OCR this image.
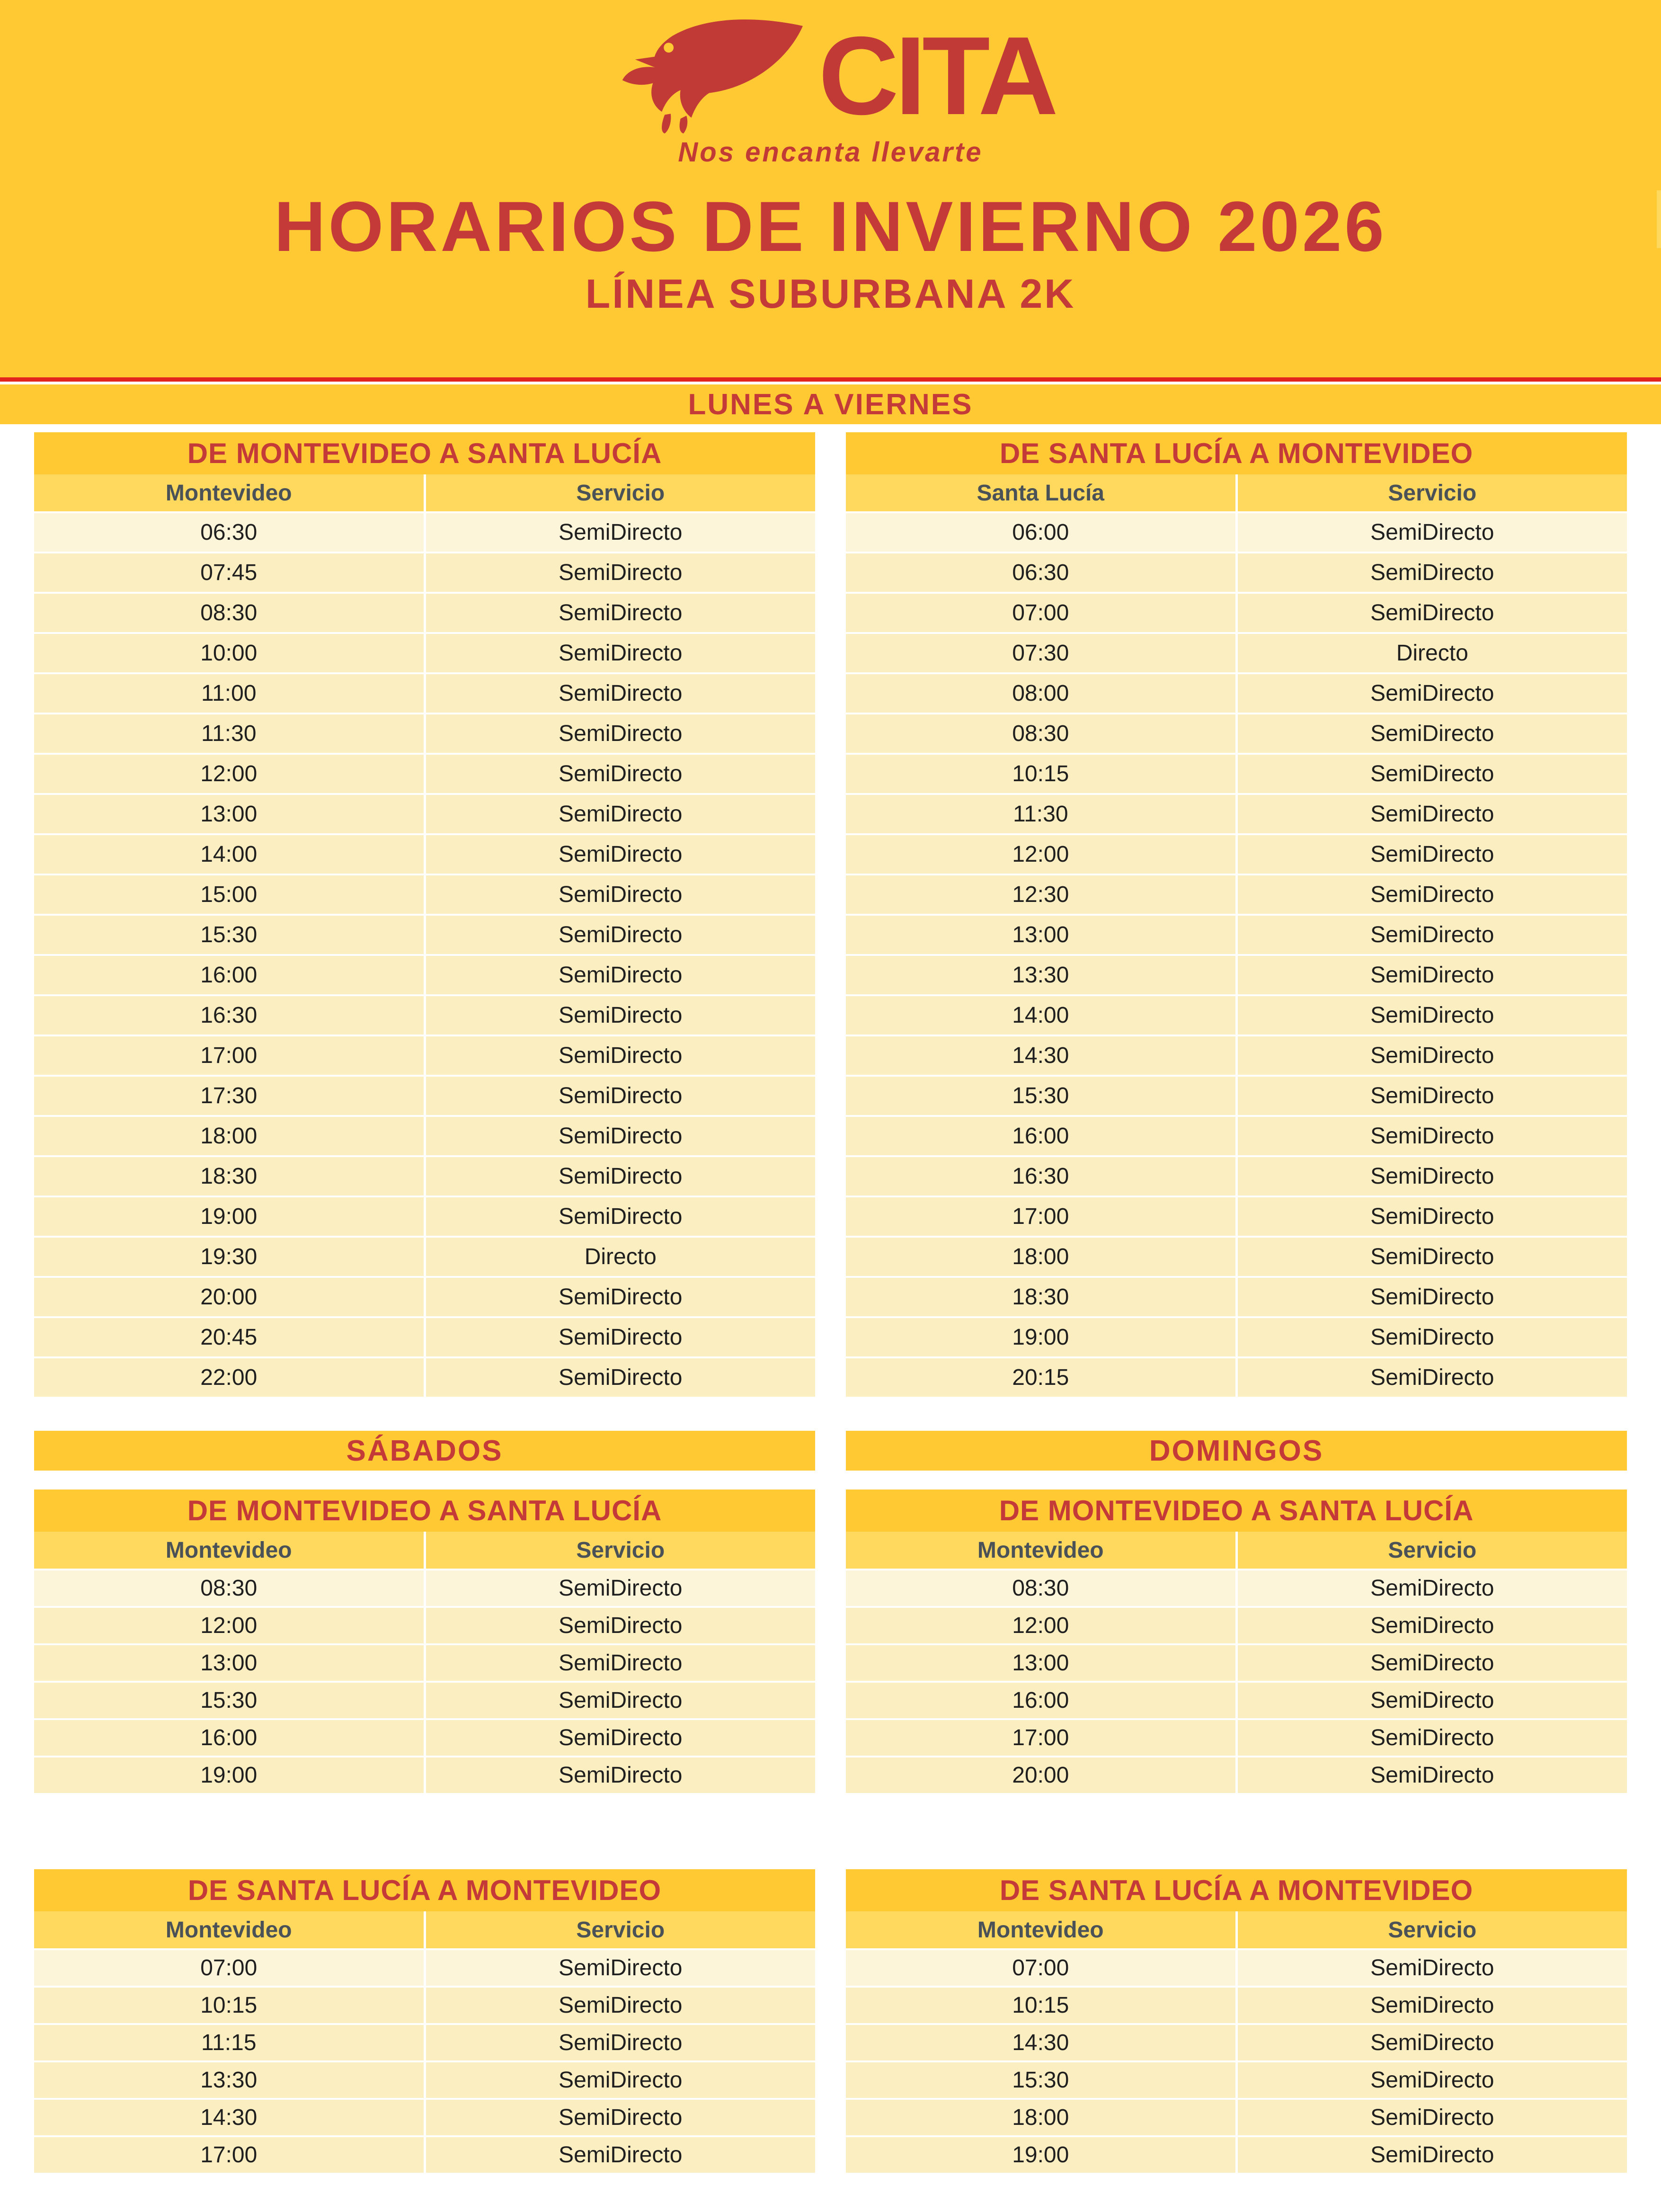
CITA
Nos encanta llevarte
HORARIOS DE INVIERNO 2026
LÍNEA SUBURBANA 2K
LUNES A VIERNES
DE MONTEVIDEO A SANTA LUCÍA
Montevideo	Servicio
06:30	SemiDirecto
07:45	SemiDirecto
08:30	SemiDirecto
10:00	SemiDirecto
11:00	SemiDirecto
11:30	SemiDirecto
12:00	SemiDirecto
13:00	SemiDirecto
14:00	SemiDirecto
15:00	SemiDirecto
15:30	SemiDirecto
16:00	SemiDirecto
16:30	SemiDirecto
17:00	SemiDirecto
17:30	SemiDirecto
18:00	SemiDirecto
18:30	SemiDirecto
19:00	SemiDirecto
19:30	Directo
20:00	SemiDirecto
20:45	SemiDirecto
22:00	SemiDirecto
DE SANTA LUCÍA A MONTEVIDEO
Santa Lucía	Servicio
06:00	SemiDirecto
06:30	SemiDirecto
07:00	SemiDirecto
07:30	Directo
08:00	SemiDirecto
08:30	SemiDirecto
10:15	SemiDirecto
11:30	SemiDirecto
12:00	SemiDirecto
12:30	SemiDirecto
13:00	SemiDirecto
13:30	SemiDirecto
14:00	SemiDirecto
14:30	SemiDirecto
15:30	SemiDirecto
16:00	SemiDirecto
16:30	SemiDirecto
17:00	SemiDirecto
18:00	SemiDirecto
18:30	SemiDirecto
19:00	SemiDirecto
20:15	SemiDirecto
SÁBADOS	DOMINGOS
DE MONTEVIDEO A SANTA LUCÍA
Montevideo	Servicio
08:30	SemiDirecto
12:00	SemiDirecto
13:00	SemiDirecto
15:30	SemiDirecto
16:00	SemiDirecto
19:00	SemiDirecto
DE MONTEVIDEO A SANTA LUCÍA
Montevideo	Servicio
08:30	SemiDirecto
12:00	SemiDirecto
13:00	SemiDirecto
16:00	SemiDirecto
17:00	SemiDirecto
20:00	SemiDirecto
DE SANTA LUCÍA A MONTEVIDEO
Montevideo	Servicio
07:00	SemiDirecto
10:15	SemiDirecto
11:15	SemiDirecto
13:30	SemiDirecto
14:30	SemiDirecto
17:00	SemiDirecto
DE SANTA LUCÍA A MONTEVIDEO
Montevideo	Servicio
07:00	SemiDirecto
10:15	SemiDirecto
14:30	SemiDirecto
15:30	SemiDirecto
18:00	SemiDirecto
19:00	SemiDirecto
